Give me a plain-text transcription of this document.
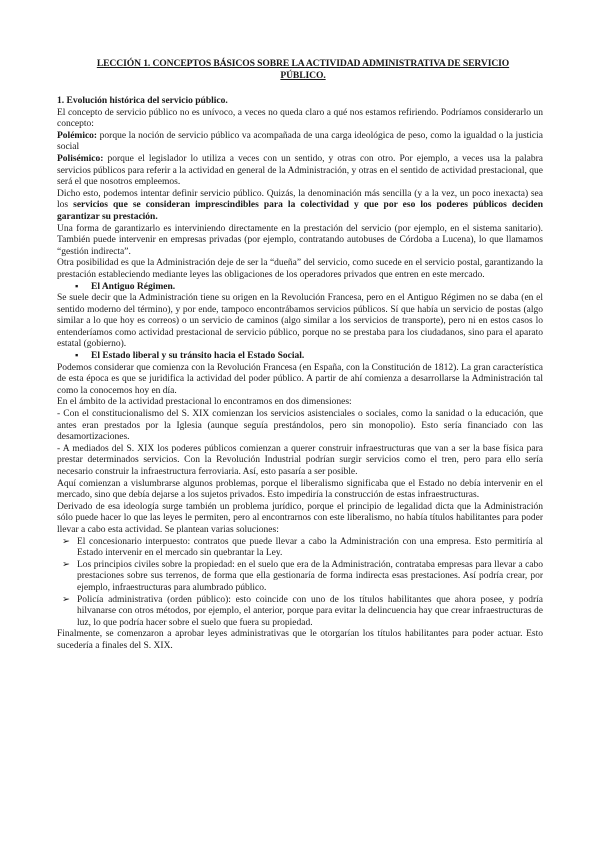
LECCIÓN 1. CONCEPTOS BÁSICOS SOBRE LA ACTIVIDAD ADMINISTRATIVA DE SERVICIO
PÚBLICO.

1. Evolución histórica del servicio público.

El concepto de servicio público no es unívoco, a veces no queda claro a qué nos estamos refiriendo. Podríamos considerarlo un concepto:

Polémico: porque la noción de servicio público va acompañada de una carga ideológica de peso, como la igualdad o la justicia social

Polisémico: porque el legislador lo utiliza a veces con un sentido, y otras con otro. Por ejemplo, a veces usa la palabra servicios públicos para referir a la actividad en general de la Administración, y otras en el sentido de actividad prestacional, que será el que nosotros empleemos.

Dicho esto, podemos intentar definir servicio público. Quizás, la denominación más sencilla (y a la vez, un poco inexacta) sea los servicios que se consideran imprescindibles para la colectividad y que por eso los poderes públicos deciden garantizar su prestación.

Una forma de garantizarlo es interviniendo directamente en la prestación del servicio (por ejemplo, en el sistema sanitario). También puede intervenir en empresas privadas (por ejemplo, contratando autobuses de Córdoba a Lucena), lo que llamamos “gestión indirecta”.

Otra posibilidad es que la Administración deje de ser la “dueña” del servicio, como sucede en el servicio postal, garantizando la prestación estableciendo mediante leyes las obligaciones de los operadores privados que entren en este mercado.

▪ El Antiguo Régimen.

Se suele decir que la Administración tiene su origen en la Revolución Francesa, pero en el Antiguo Régimen no se daba (en el sentido moderno del término), y por ende, tampoco encontrábamos servicios públicos. Sí que había un servicio de postas (algo similar a lo que hoy es correos) o un servicio de caminos (algo similar a los servicios de transporte), pero ni en estos casos lo entenderíamos como actividad prestacional de servicio público, porque no se prestaba para los ciudadanos, sino para el aparato estatal (gobierno).

▪ El Estado liberal y su tránsito hacia el Estado Social.

Podemos considerar que comienza con la Revolución Francesa (en España, con la Constitución de 1812). La gran característica de esta época es que se juridifica la actividad del poder público. A partir de ahí comienza a desarrollarse la Administración tal como la conocemos hoy en día.

En el ámbito de la actividad prestacional lo encontramos en dos dimensiones:

- Con el constitucionalismo del S. XIX comienzan los servicios asistenciales o sociales, como la sanidad o la educación, que antes eran prestados por la Iglesia (aunque seguía prestándolos, pero sin monopolio). Esto sería financiado con las desamortizaciones.

- A mediados del S. XIX los poderes públicos comienzan a querer construir infraestructuras que van a ser la base física para prestar determinados servicios. Con la Revolución Industrial podrían surgir servicios como el tren, pero para ello sería necesario construir la infraestructura ferroviaria. Así, esto pasaría a ser posible.

Aquí comienzan a vislumbrarse algunos problemas, porque el liberalismo significaba que el Estado no debía intervenir en el mercado, sino que debía dejarse a los sujetos privados. Esto impediría la construcción de estas infraestructuras.

Derivado de esa ideología surge también un problema jurídico, porque el principio de legalidad dicta que la Administración sólo puede hacer lo que las leyes le permiten, pero al encontrarnos con este liberalismo, no había títulos habilitantes para poder llevar a cabo esta actividad. Se plantean varias soluciones:

➢ El concesionario interpuesto: contratos que puede llevar a cabo la Administración con una empresa. Esto permitiría al Estado intervenir en el mercado sin quebrantar la Ley.
➢ Los principios civiles sobre la propiedad: en el suelo que era de la Administración, contrataba empresas para llevar a cabo prestaciones sobre sus terrenos, de forma que ella gestionaría de forma indirecta esas prestaciones. Así podría crear, por ejemplo, infraestructuras para alumbrado público.
➢ Policía administrativa (orden público): esto coincide con uno de los títulos habilitantes que ahora posee, y podría hilvanarse con otros métodos, por ejemplo, el anterior, porque para evitar la delincuencia hay que crear infraestructuras de luz, lo que podría hacer sobre el suelo que fuera su propiedad.

Finalmente, se comenzaron a aprobar leyes administrativas que le otorgarían los títulos habilitantes para poder actuar. Esto sucedería a finales del S. XIX.
